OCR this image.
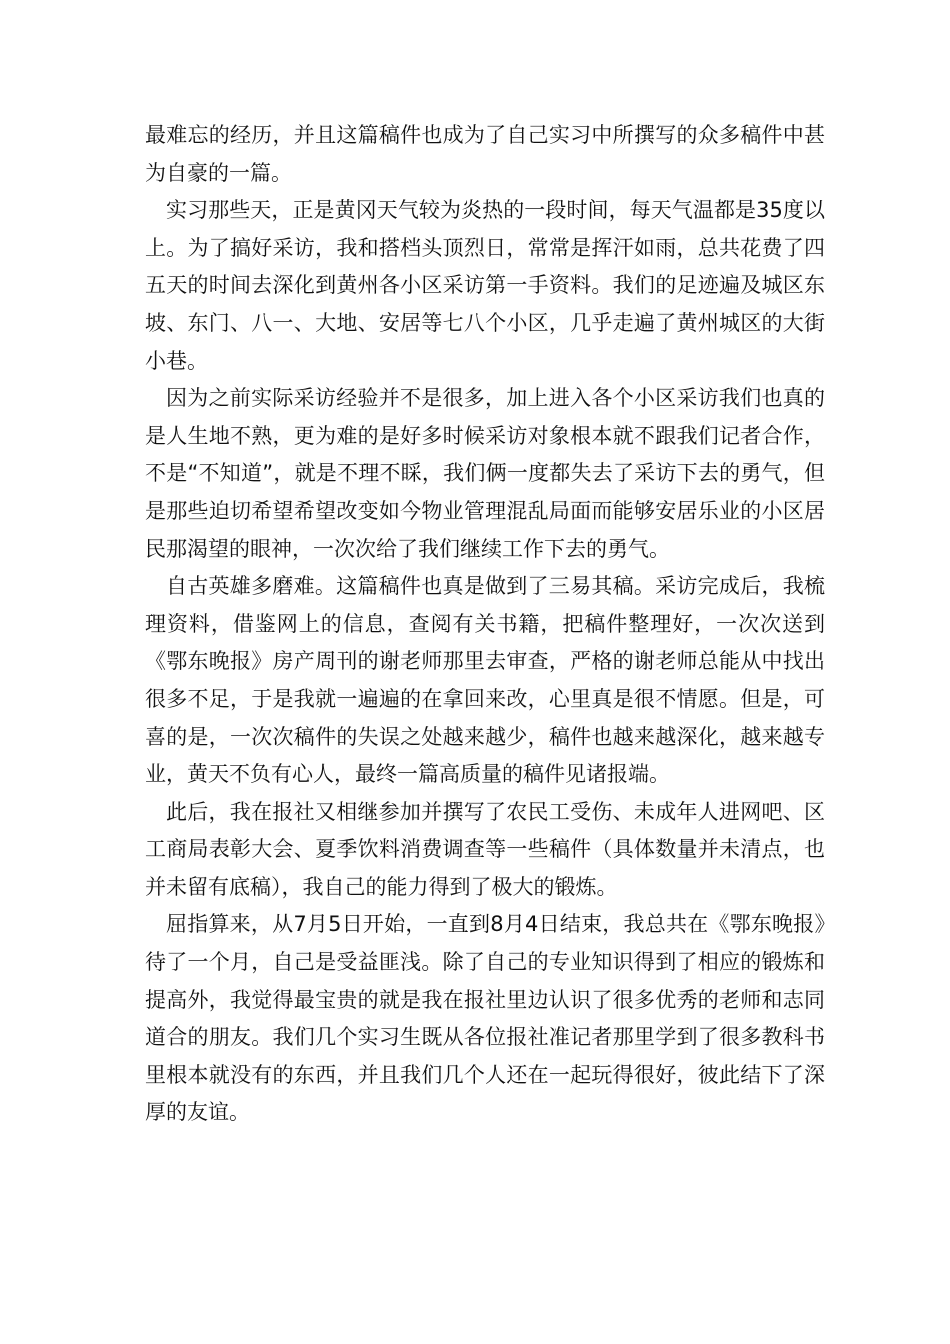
最难忘的经历，并且这篇稿件也成为了自己实习中所撰写的众多稿件中甚为自豪的一篇。

实习那些天，正是黄冈天气较为炎热的一段时间，每天气温都是35度以上。为了搞好采访，我和搭档头顶烈日，常常是挥汗如雨，总共花费了四五天的时间去深化到黄州各小区采访第一手资料。我们的足迹遍及城区东坡、东门、八一、大地、安居等七八个小区，几乎走遍了黄州城区的大街小巷。

因为之前实际采访经验并不是很多，加上进入各个小区采访我们也真的是人生地不熟，更为难的是好多时候采访对象根本就不跟我们记者合作，不是“不知道”，就是不理不睬，我们俩一度都失去了采访下去的勇气，但是那些迫切希望希望改变如今物业管理混乱局面而能够安居乐业的小区居民那渴望的眼神，一次次给了我们继续工作下去的勇气。

自古英雄多磨难。这篇稿件也真是做到了三易其稿。采访完成后，我梳理资料，借鉴网上的信息，查阅有关书籍，把稿件整理好，一次次送到《鄂东晚报》房产周刊的谢老师那里去审查，严格的谢老师总能从中找出很多不足，于是我就一遍遍的在拿回来改，心里真是很不情愿。但是，可喜的是，一次次稿件的失误之处越来越少，稿件也越来越深化，越来越专业，黄天不负有心人，最终一篇高质量的稿件见诸报端。

此后，我在报社又相继参加并撰写了农民工受伤、未成年人进网吧、区工商局表彰大会、夏季饮料消费调查等一些稿件（具体数量并未清点，也并未留有底稿），我自己的能力得到了极大的锻炼。

屈指算来，从7月5日开始，一直到8月4日结束，我总共在《鄂东晚报》待了一个月，自己是受益匪浅。除了自己的专业知识得到了相应的锻炼和提高外，我觉得最宝贵的就是我在报社里边认识了很多优秀的老师和志同道合的朋友。我们几个实习生既从各位报社准记者那里学到了很多教科书里根本就没有的东西，并且我们几个人还在一起玩得很好，彼此结下了深厚的友谊。
